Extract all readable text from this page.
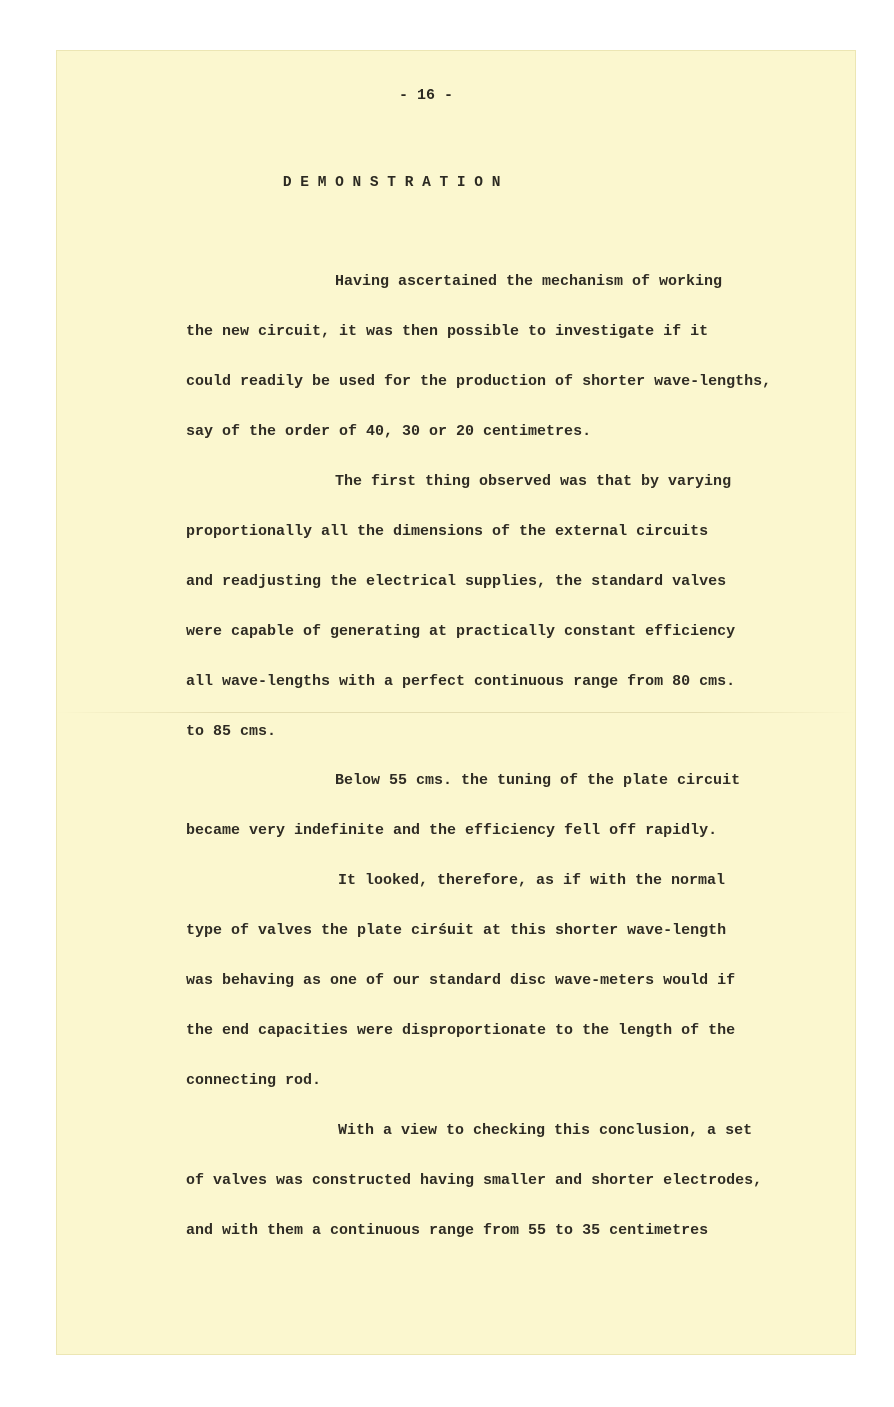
- 16 -
DEMONSTRATION
Having ascertained the mechanism of working
the new circuit, it was then possible to investigate if it
could readily be used for the production of shorter wave-lengths,
say of the order of 40, 30 or 20 centimetres.
The first thing observed was that by varying
proportionally all the dimensions of the external circuits
and readjusting the electrical supplies, the standard valves
were capable of generating at practically constant efficiency
all wave-lengths with a perfect continuous range from 80 cms.
to 85 cms.
Below 55 cms. the tuning of the plate circuit
became very indefinite and the efficiency fell off rapidly.
It looked, therefore, as if with the normal
type of valves the plate cirśuit at this shorter wave-length
was behaving as one of our standard disc wave-meters would if
the end capacities were disproportionate to the length of the
connecting rod.
With a view to checking this conclusion, a set
of valves was constructed having smaller and shorter electrodes,
and with them a continuous range from 55 to 35 centimetres
